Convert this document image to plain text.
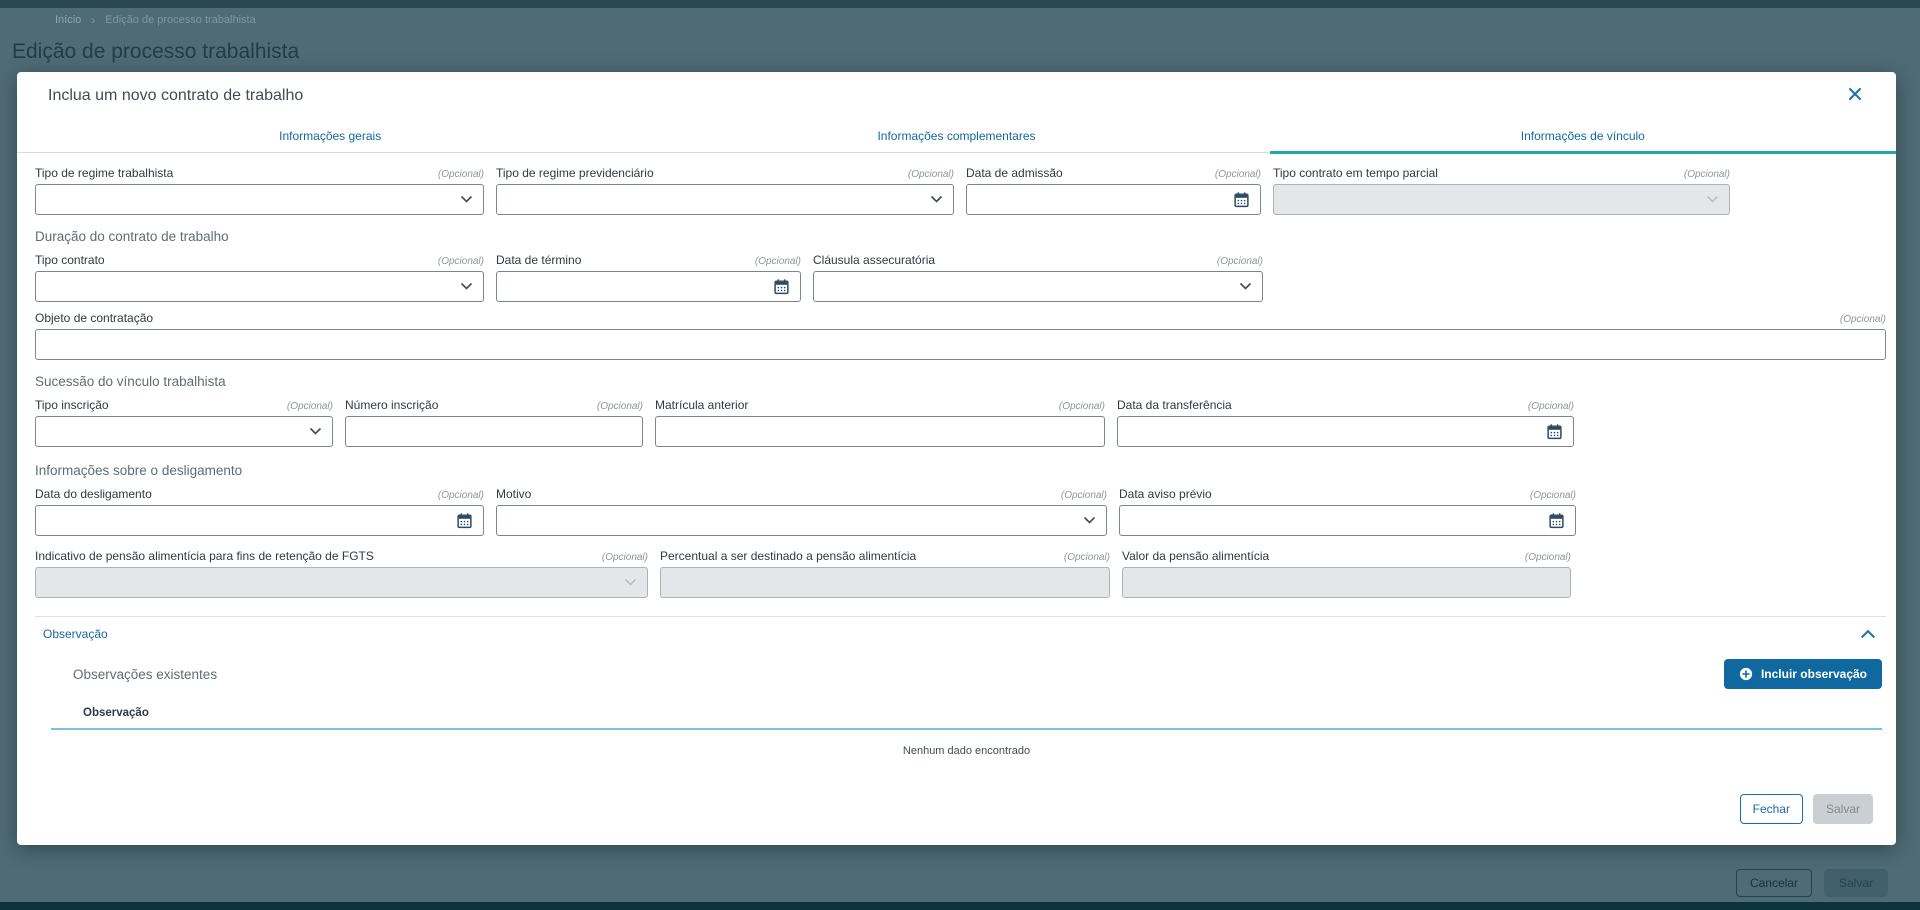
Início › Edição de processo trabalhista
Edição de processo trabalhista
Cancelar	Salvar
Inclua um novo contrato de trabalho
Informações gerais	Informações complementares	Informações de vínculo
Tipo de regime trabalhista	(Opcional) Tipo de regime previdenciário	(Opcional) Data de admissão	(Opcional) Tipo contrato em tempo parcial	(Opcional)
Duração do contrato de trabalho
Tipo contrato	(Opcional) Data de término	(Opcional) Cláusula assecuratória	(Opcional)
Objeto de contratação	(Opcional)
Sucessão do vínculo trabalhista
Tipo inscrição	(Opcional) Número inscrição	(Opcional) Matrícula anterior	(Opcional) Data da transferência	(Opcional)
Informações sobre o desligamento
Data do desligamento	(Opcional) Motivo	(Opcional) Data aviso prévio	(Opcional)
Indicativo de pensão alimentícia para fins de retenção de FGTS	(Opcional) Percentual a ser destinado a pensão alimentícia	(Opcional) Valor da pensão alimentícia	(Opcional)
Observação
Observações existentes	Incluir observação
Observação
Nenhum dado encontrado
Fechar	Salvar
